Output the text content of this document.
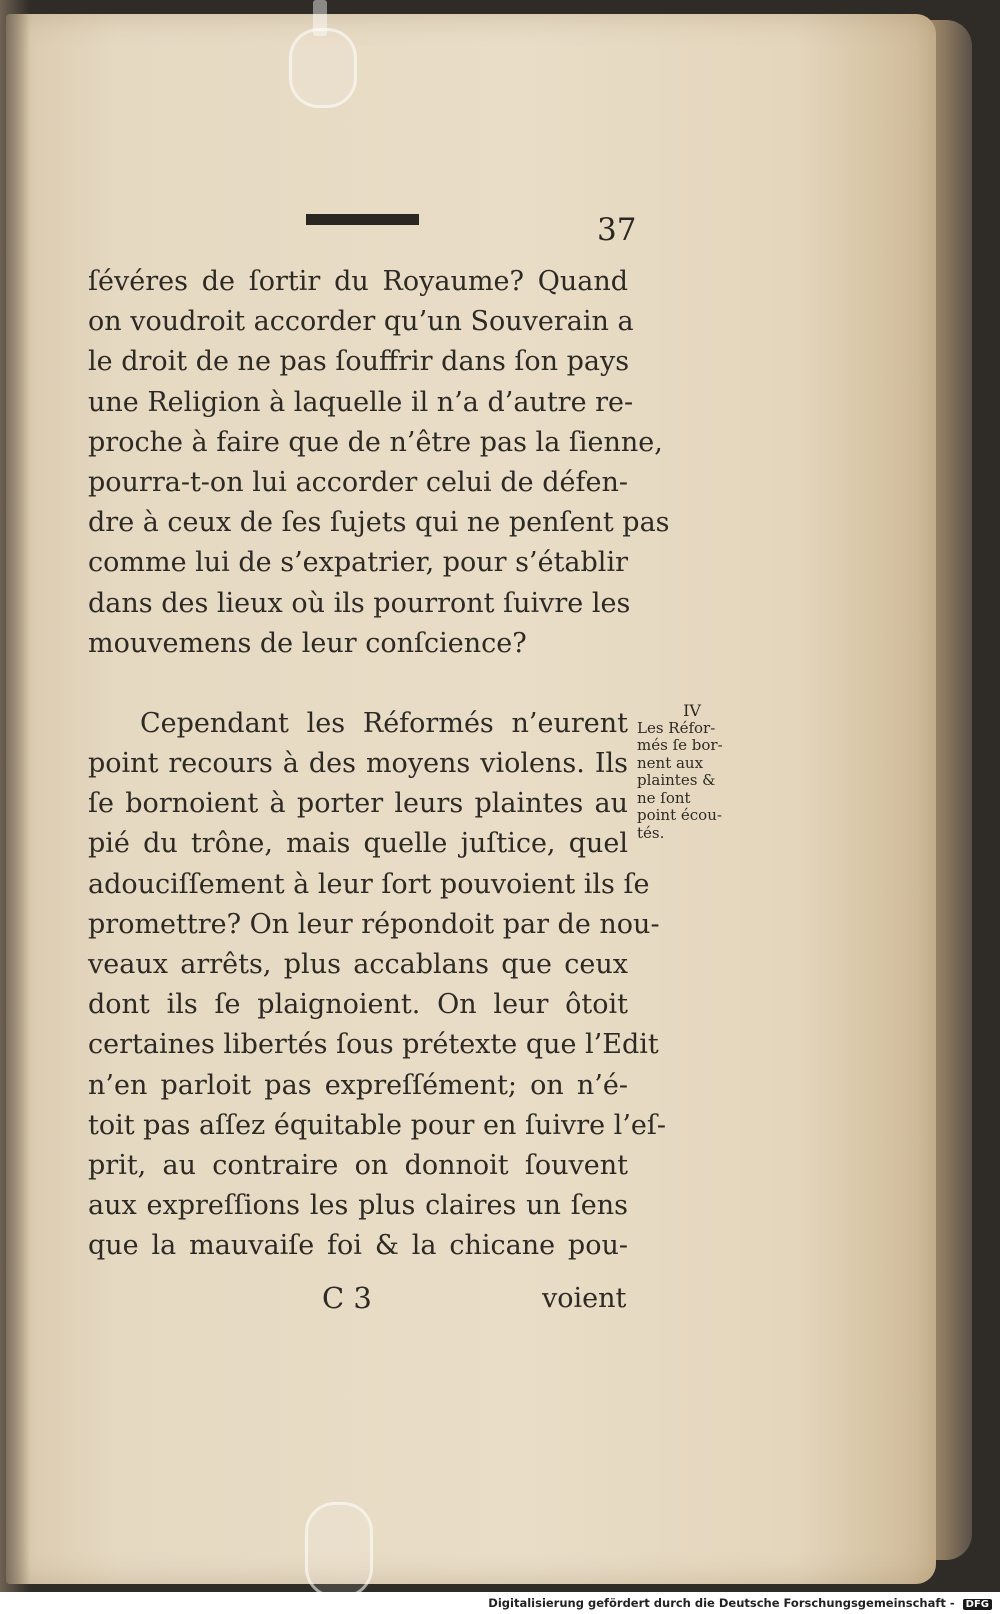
37
ſévéres de ſortir du Royaume? Quand
on voudroit accorder qu’un Souverain a
le droit de ne pas ſouffrir dans ſon pays
une Religion à laquelle il n’a d’autre re-
proche à faire que de n’être pas la ſienne,
pourra-t-on lui accorder celui de défen-
dre à ceux de ſes ſujets qui ne penſent pas
comme lui de s’expatrier, pour s’établir
dans des lieux où ils pourront ſuivre les
mouvemens de leur conſcience?
Cependant les Réformés n’eurent
point recours à des moyens violens. Ils
ſe bornoient à porter leurs plaintes au
pié du trône, mais quelle juſtice, quel
adouciſſement à leur ſort pouvoient ils ſe
promettre? On leur répondoit par de nou-
veaux arrêts, plus accablans que ceux
dont ils ſe plaignoient. On leur ôtoit
certaines libertés ſous prétexte que l’Edit
n’en parloit pas expreſſément; on n’é-
toit pas aſſez équitable pour en ſuivre l’eſ-
prit, au contraire on donnoit ſouvent
aux expreſſions les plus claires un ſens
que la mauvaiſe foi & la chicane pou-
IV
Les Réfor-
més ſe bor-
nent aux
plaintes &
ne ſont
point écou-
tés.
C 3	voient
Digitalisierung gefördert durch die Deutsche Forschungsgemeinschaft - DFG
